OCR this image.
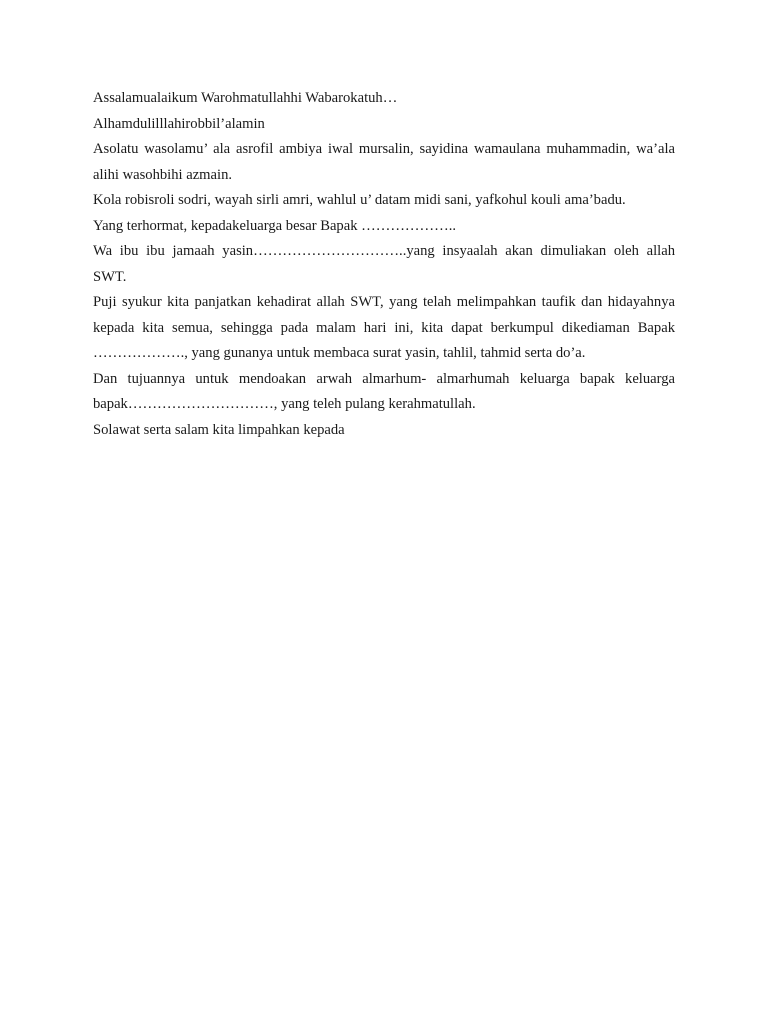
Assalamualaikum Warohmatullahhi Wabarokatuh…

Alhamdulilllahirobbil’alamin

Asolatu wasolamu’ ala asrofil ambiya iwal mursalin, sayidina wamaulana muhammadin, wa’ala alihi wasohbihi azmain.

Kola robisroli sodri, wayah sirli amri, wahlul u’ datam midi sani, yafkohul kouli ama’badu.

Yang terhormat, kepadakeluarga besar Bapak ………………..

Wa ibu ibu jamaah yasin…………………………..yang insyaalah akan dimuliakan oleh allah SWT.

Puji syukur kita panjatkan kehadirat allah SWT, yang telah melimpahkan taufik dan hidayahnya kepada kita semua, sehingga pada malam hari ini, kita dapat berkumpul dikediaman Bapak ………………., yang gunanya untuk membaca surat yasin, tahlil, tahmid serta do’a.

Dan tujuannya untuk mendoakan arwah almarhum- almarhumah keluarga bapak keluarga bapak…………………………, yang teleh pulang kerahmatullah.

Solawat serta salam kita limpahkan kepada
